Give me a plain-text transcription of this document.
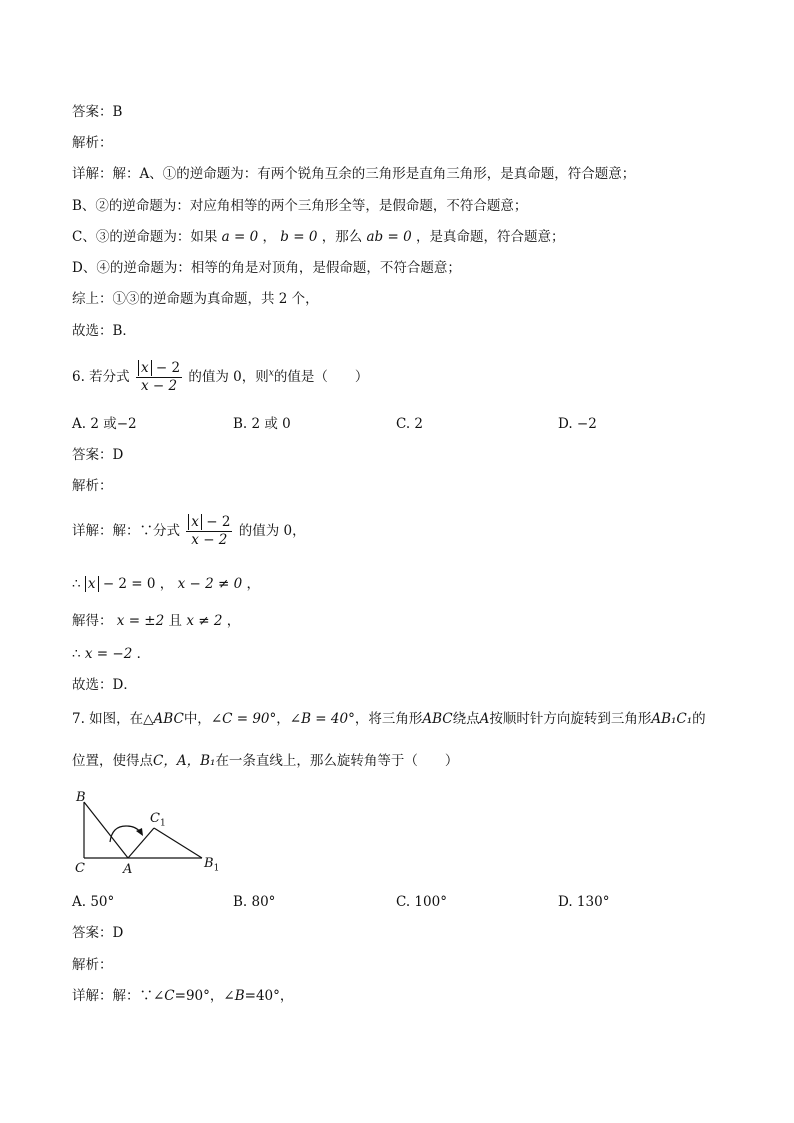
答案：B
解析：
详解：解：A、①的逆命题为：有两个锐角互余的三角形是直角三角形，是真命题，符合题意；
B、②的逆命题为：对应角相等的两个三角形全等，是假命题，不符合题意；
C、③的逆命题为：如果 a = 0 ， b = 0 ，那么 ab = 0 ，是真命题，符合题意；
D、④的逆命题为：相等的角是对顶角，是假命题，不符合题意；
综上：①③的逆命题为真命题，共 2 个，
故选：B．
6. 若分式 $\frac{x - 2}{x - 2}$ 的值为 0，则$^x$的值是（　　）
A. 2 或−2	B. 2 或 0	C. 2	D. −2
答案：D
解析：
详解：解：∵分式 $\frac{x - 2}{x - 2}$ 的值为 0，
∴ x − 2 = 0 ， x − 2 ≠ 0 ，
解得： x = ±2 且 x ≠ 2 ，
∴ x = −2 ．
故选：D．
7. 如图，在△ABC中，∠C = 90°，∠B = 40°，将三角形ABC绕点A按顺时针方向旋转到三角形AB₁C₁的
位置，使得点C，A，B₁在一条直线上，那么旋转角等于（　　）
B
C	A
$C_1$
$B_1$
A. 50°	B. 80°	C. 100°	D. 130°
答案：D
解析：
详解：解：∵∠C=90°，∠B=40°，
